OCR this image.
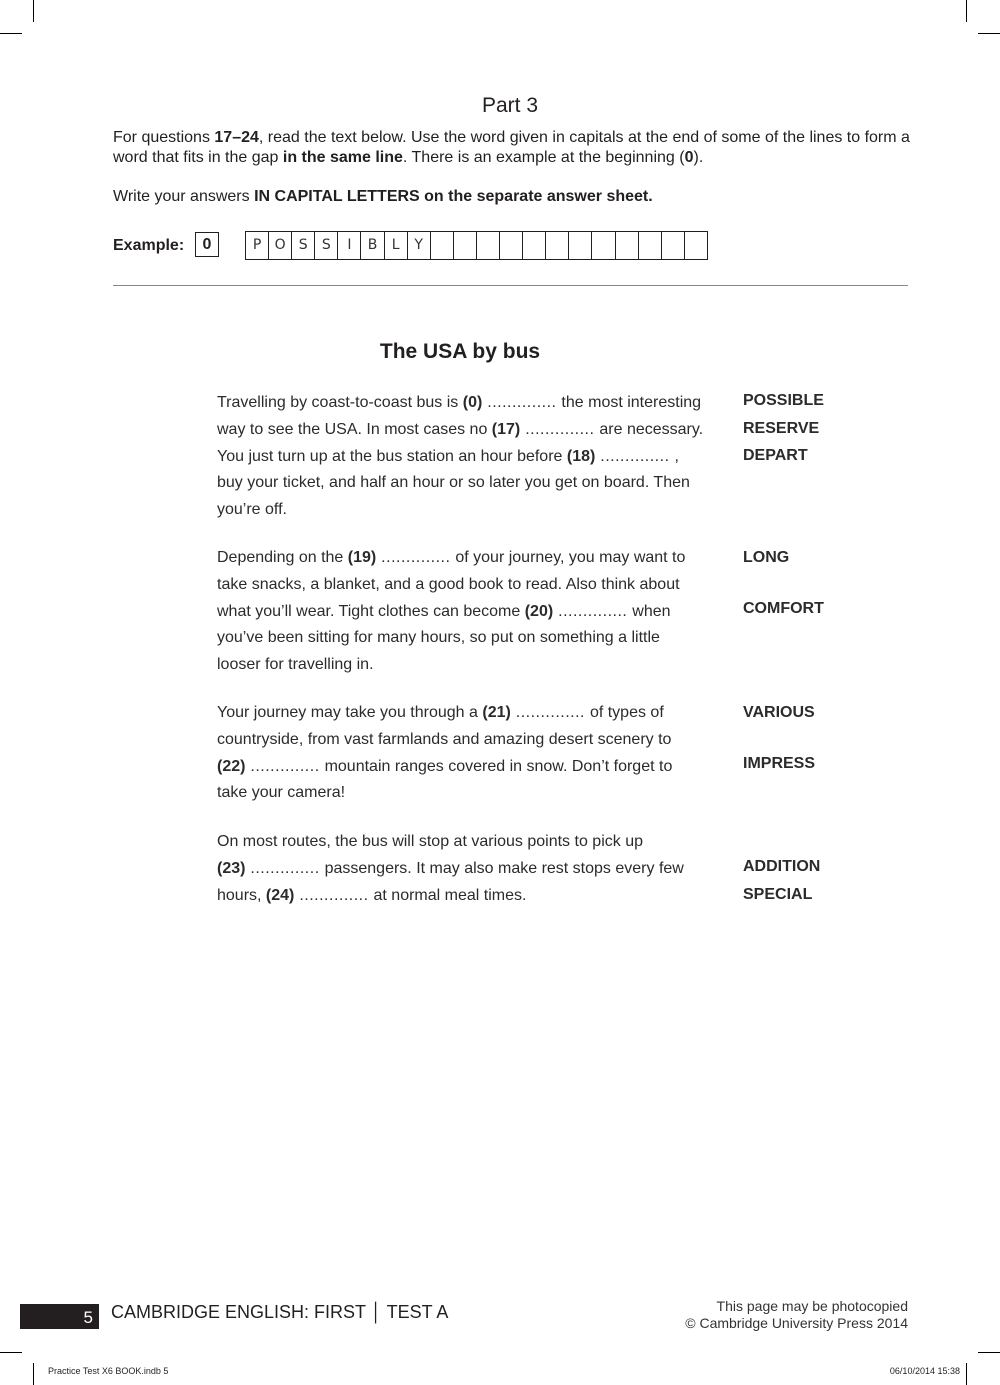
Part 3
For questions 17–24, read the text below. Use the word given in capitals at the end of some of the lines to form a word that fits in the gap in the same line. There is an example at the beginning (0).
Write your answers IN CAPITAL LETTERS on the separate answer sheet.
Example:	0	P O S	S	I	B	L	Y
The USA by bus
Travelling by coast-to-coast bus is (0) .............. the most interesting
way to see the USA. In most cases no (17) .............. are necessary.
You just turn up at the bus station an hour before (18) .............. ,
buy your ticket, and half an hour or so later you get on board. Then
you’re off.
Depending on the (19) .............. of your journey, you may want to
take snacks, a blanket, and a good book to read. Also think about
what you’ll wear. Tight clothes can become (20) .............. when
you’ve been sitting for many hours, so put on something a little
looser for travelling in.
Your journey may take you through a (21) .............. of types of
countryside, from vast farmlands and amazing desert scenery to
(22) .............. mountain ranges covered in snow. Don’t forget to
take your camera!
On most routes, the bus will stop at various points to pick up
(23) .............. passengers. It may also make rest stops every few
hours, (24) .............. at normal meal times.
POSSIBLE
RESERVE
DEPART
LONG
COMFORT
VARIOUS
IMPRESS
ADDITION
SPECIAL
5	CAMBRIDGE ENGLISH: FIRST │ TEST A	This page may be photocopied
© Cambridge University Press 2014
Practice Test X6 BOOK.indb 5	06/10/2014 15:38
